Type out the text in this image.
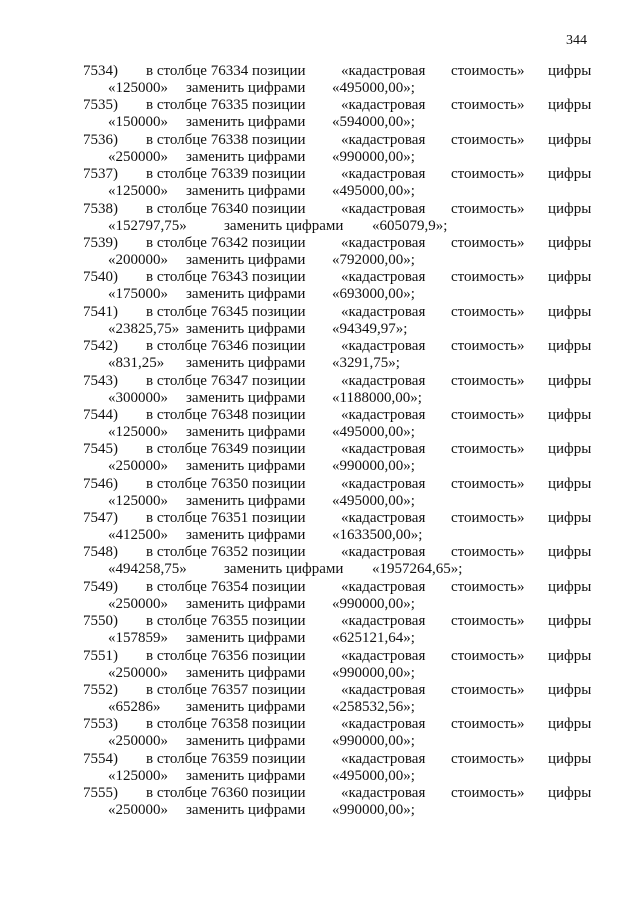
344
7534) в столбце 76334 позиции «кадастровая стоимость» цифры
«125000» заменить цифрами «495000,00»;
7535) в столбце 76335 позиции «кадастровая стоимость» цифры
«150000» заменить цифрами «594000,00»;
7536) в столбце 76338 позиции «кадастровая стоимость» цифры
«250000» заменить цифрами «990000,00»;
7537) в столбце 76339 позиции «кадастровая стоимость» цифры
«125000» заменить цифрами «495000,00»;
7538) в столбце 76340 позиции «кадастровая стоимость» цифры
«152797,75» заменить цифрами «605079,9»;
7539) в столбце 76342 позиции «кадастровая стоимость» цифры
«200000» заменить цифрами «792000,00»;
7540) в столбце 76343 позиции «кадастровая стоимость» цифры
«175000» заменить цифрами «693000,00»;
7541) в столбце 76345 позиции «кадастровая стоимость» цифры
«23825,75» заменить цифрами «94349,97»;
7542) в столбце 76346 позиции «кадастровая стоимость» цифры
«831,25» заменить цифрами «3291,75»;
7543) в столбце 76347 позиции «кадастровая стоимость» цифры
«300000» заменить цифрами «1188000,00»;
7544) в столбце 76348 позиции «кадастровая стоимость» цифры
«125000» заменить цифрами «495000,00»;
7545) в столбце 76349 позиции «кадастровая стоимость» цифры
«250000» заменить цифрами «990000,00»;
7546) в столбце 76350 позиции «кадастровая стоимость» цифры
«125000» заменить цифрами «495000,00»;
7547) в столбце 76351 позиции «кадастровая стоимость» цифры
«412500» заменить цифрами «1633500,00»;
7548) в столбце 76352 позиции «кадастровая стоимость» цифры
«494258,75» заменить цифрами «1957264,65»;
7549) в столбце 76354 позиции «кадастровая стоимость» цифры
«250000» заменить цифрами «990000,00»;
7550) в столбце 76355 позиции «кадастровая стоимость» цифры
«157859» заменить цифрами «625121,64»;
7551) в столбце 76356 позиции «кадастровая стоимость» цифры
«250000» заменить цифрами «990000,00»;
7552) в столбце 76357 позиции «кадастровая стоимость» цифры
«65286» заменить цифрами «258532,56»;
7553) в столбце 76358 позиции «кадастровая стоимость» цифры
«250000» заменить цифрами «990000,00»;
7554) в столбце 76359 позиции «кадастровая стоимость» цифры
«125000» заменить цифрами «495000,00»;
7555) в столбце 76360 позиции «кадастровая стоимость» цифры
«250000» заменить цифрами «990000,00»;
